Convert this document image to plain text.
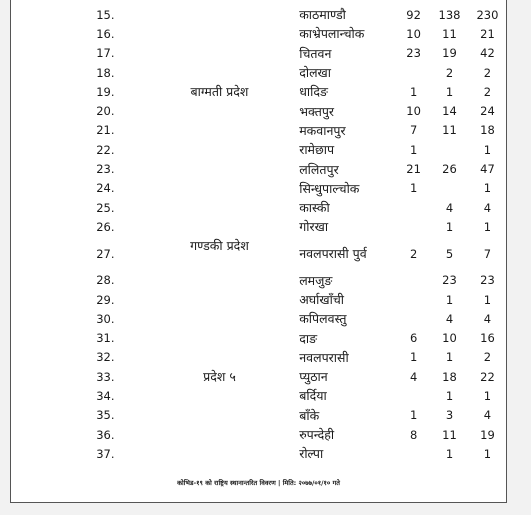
15.		काठमाण्डौ	92	138	230
16.		काभ्रेपलान्चोक	10	11	21
17.		चितवन	23	19	42
18.		दोलखा		2	2
19.	बाग्मती प्रदेश	धादिङ	1	1	2
20.		भक्तपुर	10	14	24
21.		मकवानपुर	7	11	18
22.		रामेछाप	1		1
23.		ललितपुर	21	26	47
24.		सिन्धुपाल्चोक	1		1
25.		कास्की		4	4
26.		गोरखा		1	1
27.	गण्डकी प्रदेश	नवलपरासी पुर्व	2	5	7
28.		लमजुङ		23	23
29.		अर्घाखाँची		1	1
30.		कपिलवस्तु		4	4
31.		दाङ	6	10	16
32.		नवलपरासी	1	1	2
33.	प्रदेश ५	प्युठान	4	18	22
34.		बर्दिया		1	1
35.		बाँके	1	3	4
36.		रुपन्देही	8	11	19
37.		रोल्पा		1	1
कोभिड-१९ को राष्ट्रिय स्थानान्तरित विवरण | मिति: २०७७/०१/१० गते
